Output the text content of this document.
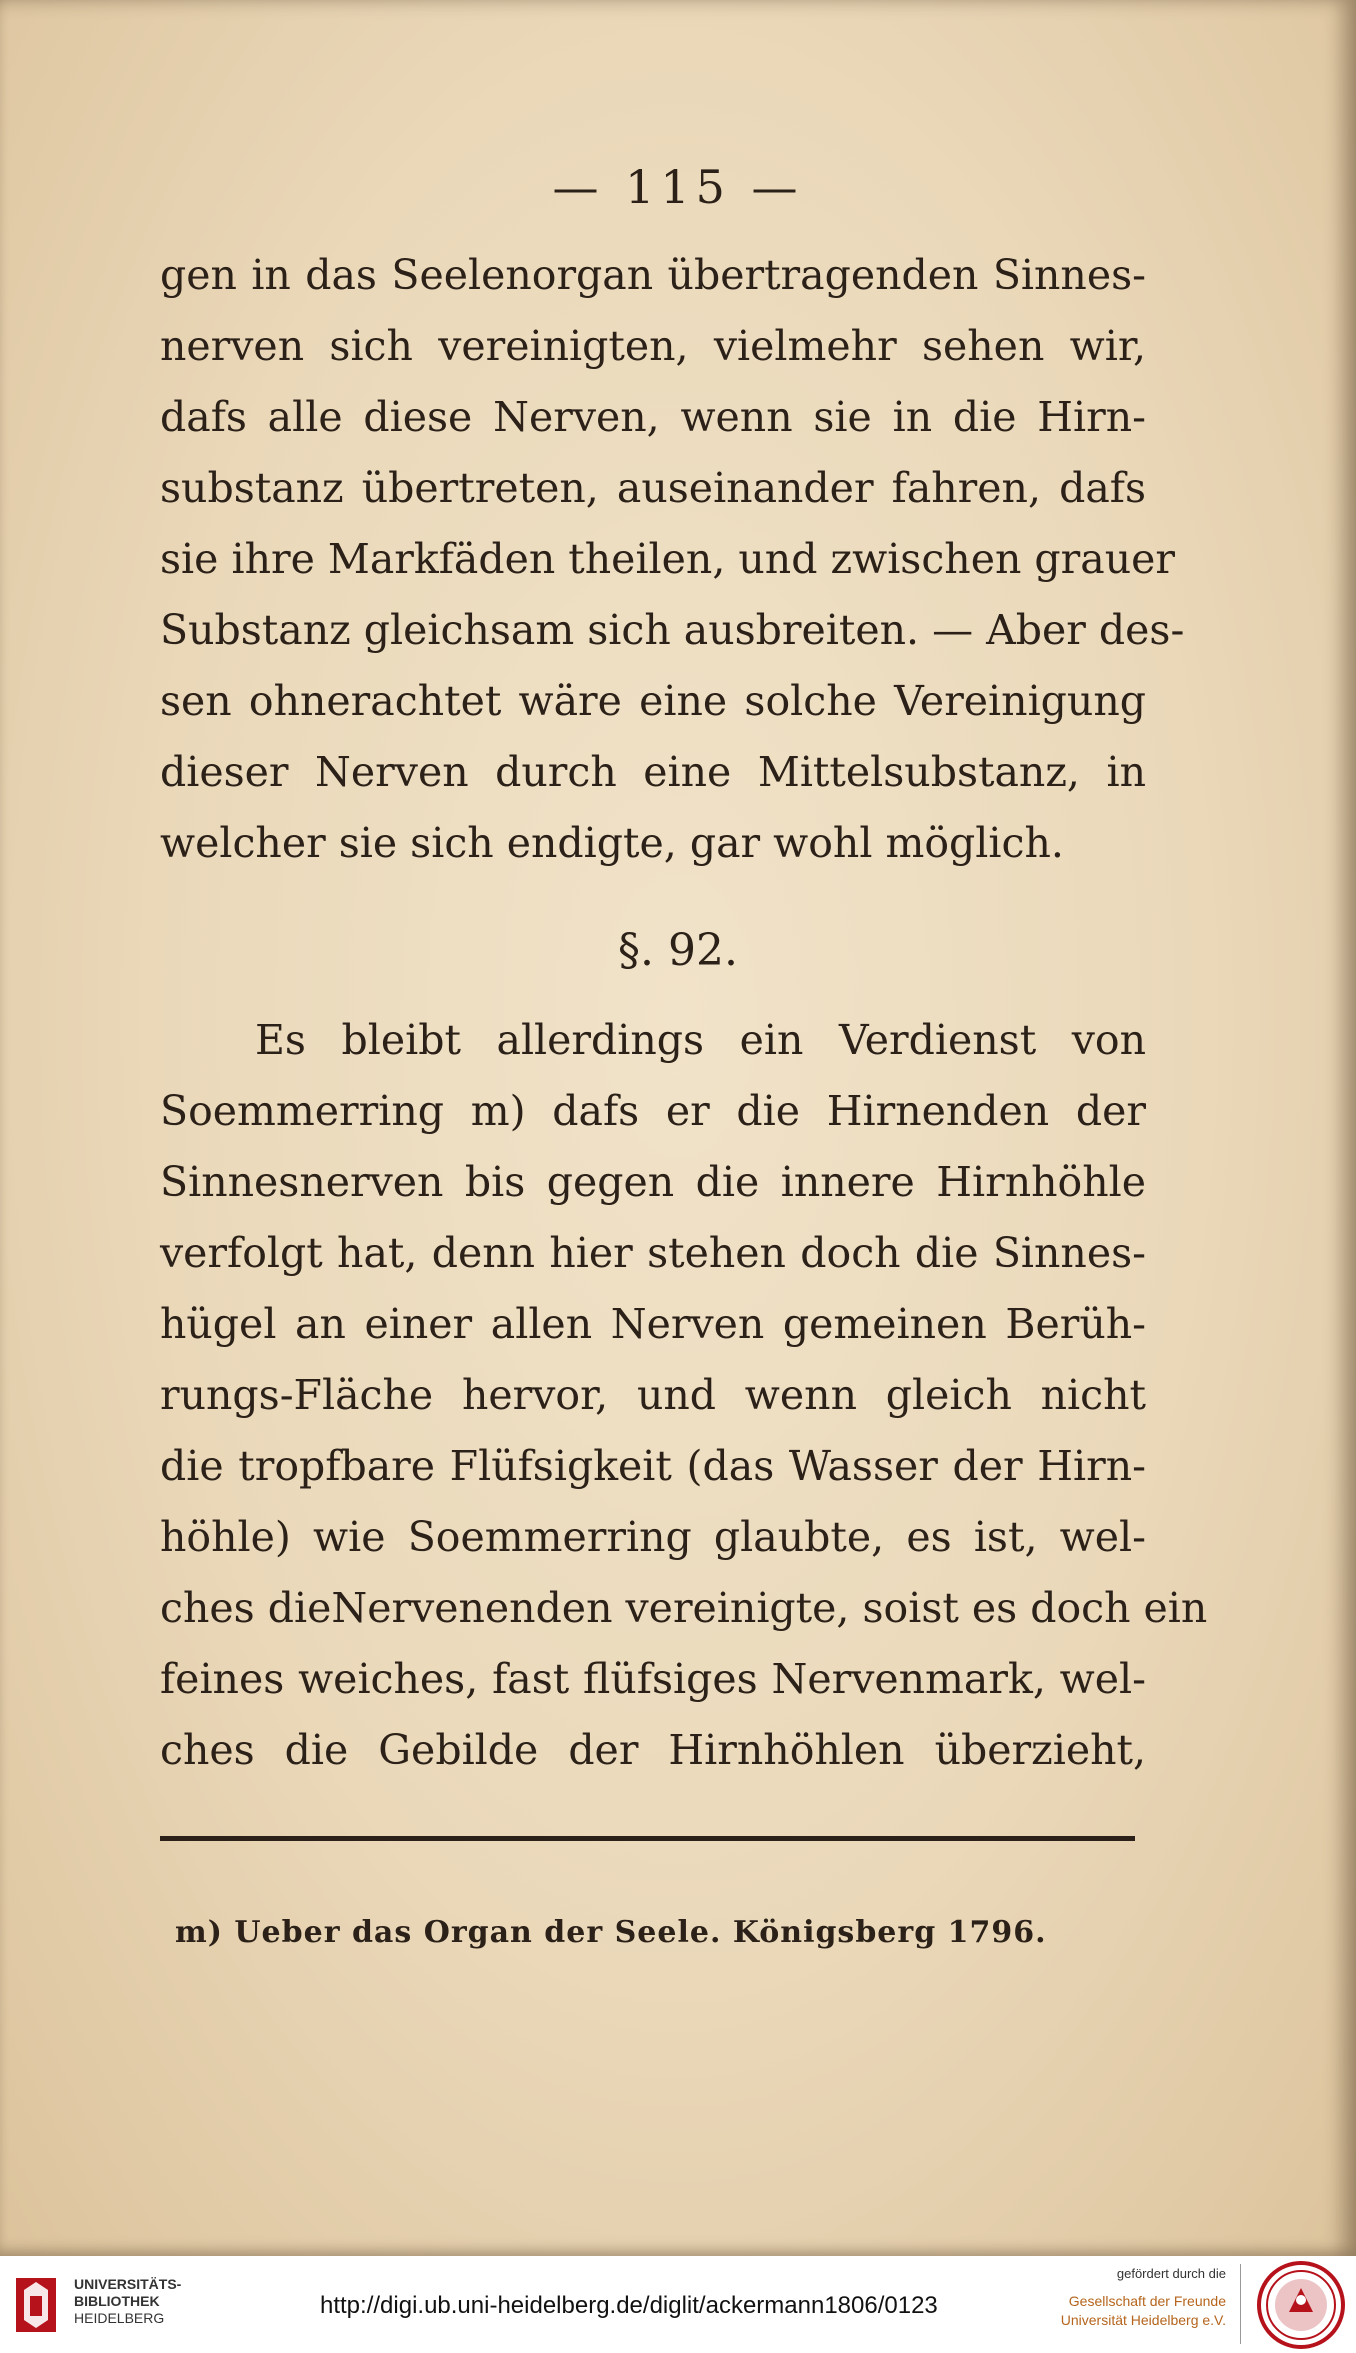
— 115 —
gen in das Seelenorgan übertragenden Sinnes-
nerven sich vereinigten, vielmehr sehen wir,
dafs alle diese Nerven, wenn sie in die Hirn-
substanz übertreten, auseinander fahren, dafs
sie ihre Markfäden theilen, und zwischen grauer
Substanz gleichsam sich ausbreiten. — Aber des-
sen ohnerachtet wäre eine solche Vereinigung
dieser Nerven durch eine Mittelsubstanz, in
welcher sie sich endigte, gar wohl möglich.
§. 92.
Es bleibt allerdings ein Verdienst von
Soemmerring m) dafs er die Hirnenden der
Sinnesnerven bis gegen die innere Hirnhöhle
verfolgt hat, denn hier stehen doch die Sinnes-
hügel an einer allen Nerven gemeinen Berüh-
rungs-Fläche hervor, und wenn gleich nicht
die tropfbare Flüfsigkeit (das Wasser der Hirn-
höhle) wie Soemmerring glaubte, es ist, wel-
ches dieNervenenden vereinigte, soist es doch ein
feines weiches, fast flüfsiges Nervenmark, wel-
ches die Gebilde der Hirnhöhlen überzieht,
m) Ueber das Organ der Seele. Königsberg 1796.
UNIVERSITÄTS-
BIBLIOTHEK
HEIDELBERG	http://digi.ub.uni-heidelberg.de/diglit/ackermann1806/0123
gefördert durch die
Gesellschaft der Freunde
Universität Heidelberg e.V.
